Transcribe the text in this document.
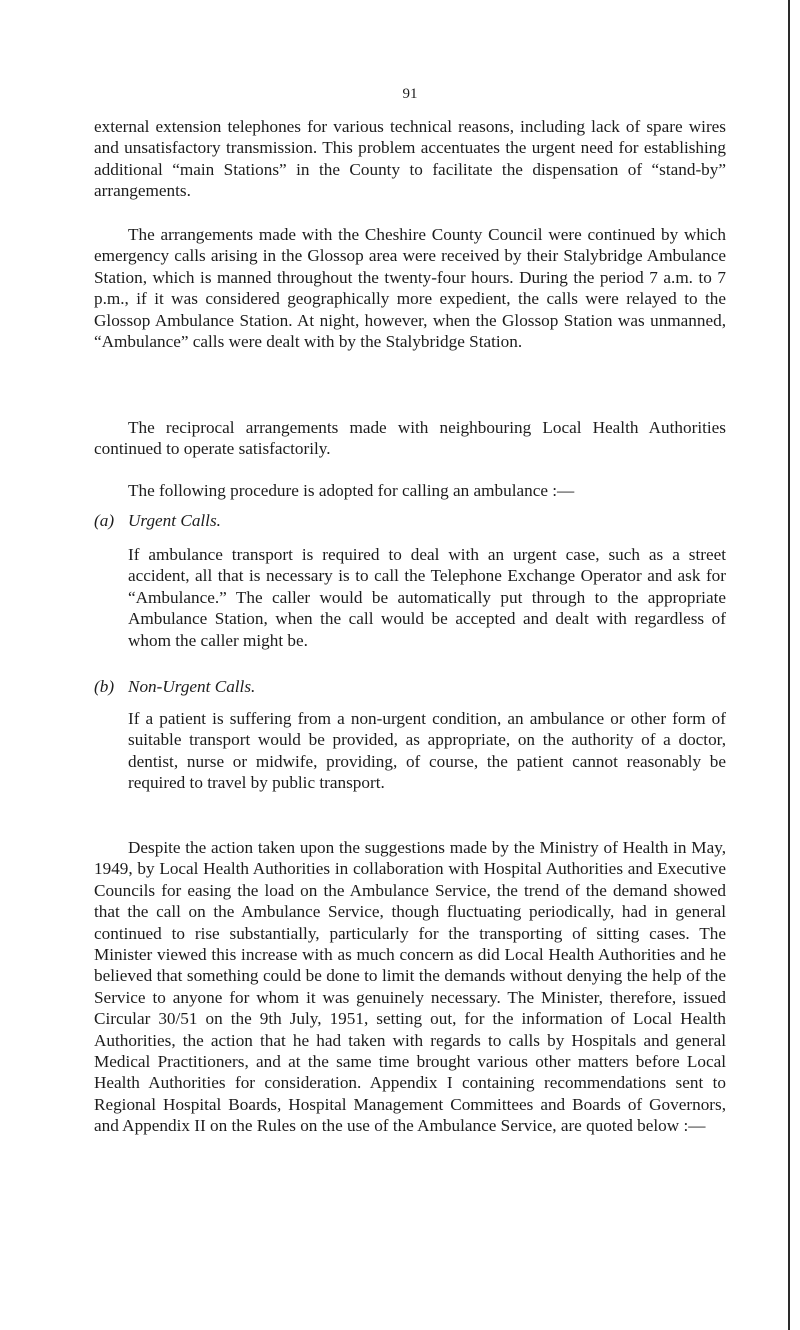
91

external extension telephones for various technical reasons, including lack of spare wires and unsatisfactory transmission. This problem accentuates the urgent need for establishing additional “main Stations” in the County to facilitate the dispensation of “stand-by” arrangements.

The arrangements made with the Cheshire County Council were continued by which emergency calls arising in the Glossop area were received by their Stalybridge Ambulance Station, which is manned throughout the twenty-four hours. During the period 7 a.m. to 7 p.m., if it was considered geographically more expedient, the calls were relayed to the Glossop Ambulance Station. At night, however, when the Glossop Station was unmanned, “Ambulance” calls were dealt with by the Stalybridge Station.

The reciprocal arrangements made with neighbouring Local Health Authorities continued to operate satisfactorily.

The following procedure is adopted for calling an ambulance :—

(a) Urgent Calls.

If ambulance transport is required to deal with an urgent case, such as a street accident, all that is necessary is to call the Telephone Exchange Operator and ask for “Ambulance.” The caller would be automatically put through to the appropriate Ambulance Station, when the call would be accepted and dealt with regardless of whom the caller might be.

(b) Non-Urgent Calls.

If a patient is suffering from a non-urgent condition, an ambulance or other form of suitable transport would be provided, as appropriate, on the authority of a doctor, dentist, nurse or midwife, providing, of course, the patient cannot reasonably be required to travel by public transport.

Despite the action taken upon the suggestions made by the Ministry of Health in May, 1949, by Local Health Authorities in collaboration with Hospital Authorities and Executive Councils for easing the load on the Ambulance Service, the trend of the demand showed that the call on the Ambulance Service, though fluctuating periodically, had in general continued to rise substantially, particularly for the transporting of sitting cases. The Minister viewed this increase with as much concern as did Local Health Authorities and he believed that something could be done to limit the demands without denying the help of the Service to anyone for whom it was genuinely necessary. The Minister, therefore, issued Circular 30/51 on the 9th July, 1951, setting out, for the information of Local Health Authorities, the action that he had taken with regards to calls by Hospitals and general Medical Practitioners, and at the same time brought various other matters before Local Health Authorities for consideration. Appendix I containing recommendations sent to Regional Hospital Boards, Hospital Management Committees and Boards of Governors, and Appendix II on the Rules on the use of the Ambulance Service, are quoted below :—
